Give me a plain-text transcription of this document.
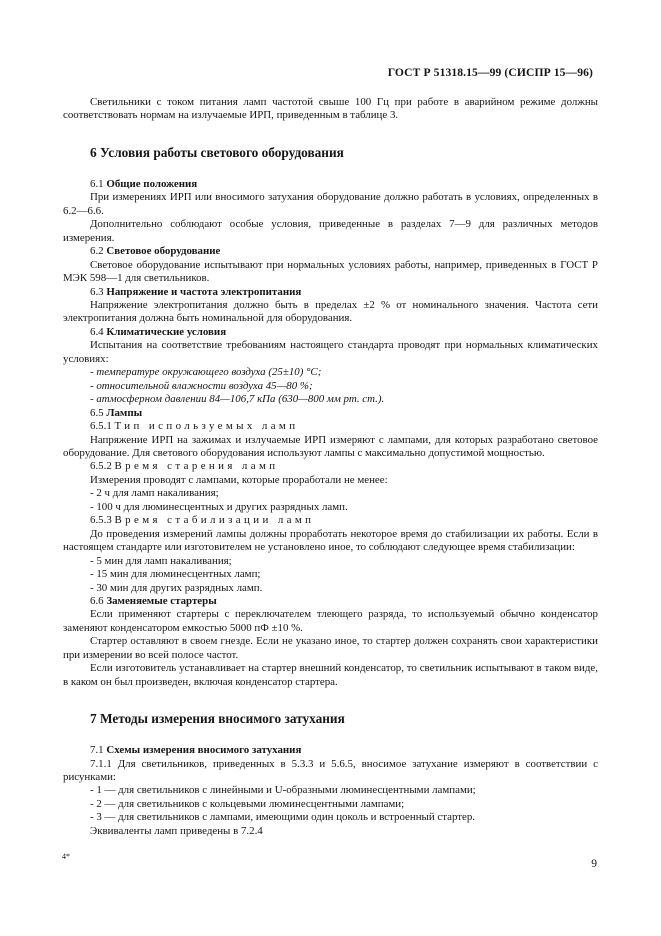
ГОСТ Р 51318.15—99 (СИСПР 15—96)

Светильники с током питания ламп частотой свыше 100 Гц при работе в аварийном режиме должны соответствовать нормам на излучаемые ИРП, приведенным в таблице 3.

6 Условия работы светового оборудования

6.1 Общие положения

При измерениях ИРП или вносимого затухания оборудование должно работать в условиях, определенных в 6.2—6.6.

Дополнительно соблюдают особые условия, приведенные в разделах 7—9 для различных методов измерения.

6.2 Световое оборудование

Световое оборудование испытывают при нормальных условиях работы, например, приведенных в ГОСТ Р МЭК 598—1 для светильников.

6.3 Напряжение и частота электропитания

Напряжение электропитания должно быть в пределах ±2 % от номинального значения. Частота сети электропитания должна быть номинальной для оборудования.

6.4 Климатические условия

Испытания на соответствие требованиям настоящего стандарта проводят при нормальных климатических условиях:

- температуре окружающего воздуха (25±10) °С;

- относительной влажности воздуха 45—80 %;

- атмосферном давлении 84—106,7 кПа (630—800 мм рт. ст.).

6.5 Лампы

6.5.1 Тип используемых ламп

Напряжение ИРП на зажимах и излучаемые ИРП измеряют с лампами, для которых разработано световое оборудование. Для светового оборудования используют лампы с максимально допустимой мощностью.

6.5.2 Время старения ламп

Измерения проводят с лампами, которые проработали не менее:

- 2 ч для ламп накаливания;

- 100 ч для люминесцентных и других разрядных ламп.

6.5.3 Время стабилизации ламп

До проведения измерений лампы должны проработать некоторое время до стабилизации их работы. Если в настоящем стандарте или изготовителем не установлено иное, то соблюдают следующее время стабилизации:

- 5 мин для ламп накаливания;

- 15 мин для люминесцентных ламп;

- 30 мин для других разрядных ламп.

6.6 Заменяемые стартеры

Если применяют стартеры с переключателем тлеющего разряда, то используемый обычно конденсатор заменяют конденсатором емкостью 5000 пФ ±10 %.

Стартер оставляют в своем гнезде. Если не указано иное, то стартер должен сохранять свои характеристики при измерении во всей полосе частот.

Если изготовитель устанавливает на стартер внешний конденсатор, то светильник испытывают в таком виде, в каком он был произведен, включая конденсатор стартера.

7 Методы измерения вносимого затухания

7.1 Схемы измерения вносимого затухания

7.1.1 Для светильников, приведенных в 5.3.3 и 5.6.5, вносимое затухание измеряют в соответствии с рисунками:

- 1 — для светильников с линейными и U-образными люминесцентными лампами;

- 2 — для светильников с кольцевыми люминесцентными лампами;

- 3 — для светильников с лампами, имеющими один цоколь и встроенный стартер.

Эквиваленты ламп приведены в 7.2.4

4*
9
